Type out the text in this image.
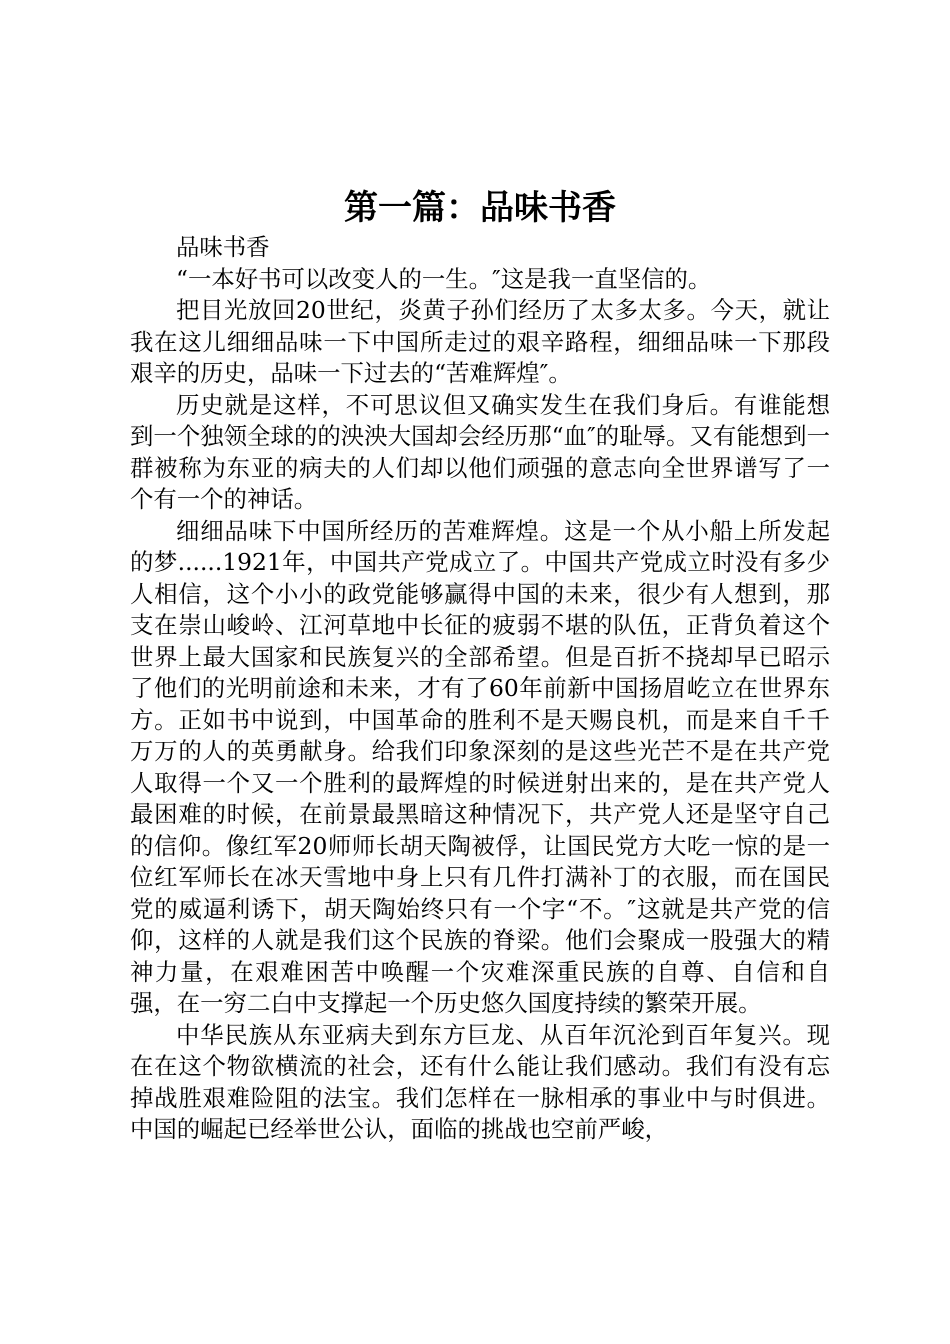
第一篇：品味书香

品味书香

“一本好书可以改变人的一生。″这是我一直坚信的。

把目光放回20世纪，炎黄子孙们经历了太多太多。今天，就让我在这儿细细品味一下中国所走过的艰辛路程，细细品味一下那段艰辛的历史，品味一下过去的“苦难辉煌″。

历史就是这样，不可思议但又确实发生在我们身后。有谁能想到一个独领全球的的泱泱大国却会经历那“血″的耻辱。又有能想到一群被称为东亚的病夫的人们却以他们顽强的意志向全世界谱写了一个有一个的神话。

细细品味下中国所经历的苦难辉煌。这是一个从小船上所发起的梦......1921年，中国共产党成立了。中国共产党成立时没有多少人相信，这个小小的政党能够赢得中国的未来，很少有人想到，那支在崇山峻岭、江河草地中长征的疲弱不堪的队伍，正背负着这个世界上最大国家和民族复兴的全部希望。但是百折不挠却早已昭示了他们的光明前途和未来，才有了60年前新中国扬眉屹立在世界东方。正如书中说到，中国革命的胜利不是天赐良机，而是来自千千万万的人的英勇献身。给我们印象深刻的是这些光芒不是在共产党人取得一个又一个胜利的最辉煌的时候迸射出来的，是在共产党人最困难的时候，在前景最黑暗这种情况下，共产党人还是坚守自己的信仰。像红军20师师长胡天陶被俘，让国民党方大吃一惊的是一位红军师长在冰天雪地中身上只有几件打满补丁的衣服，而在国民党的威逼利诱下，胡天陶始终只有一个字“不。″这就是共产党的信仰，这样的人就是我们这个民族的脊梁。他们会聚成一股强大的精神力量，在艰难困苦中唤醒一个灾难深重民族的自尊、自信和自强，在一穷二白中支撑起一个历史悠久国度持续的繁荣开展。

中华民族从东亚病夫到东方巨龙、从百年沉沦到百年复兴。现在在这个物欲横流的社会，还有什么能让我们感动。我们有没有忘掉战胜艰难险阻的法宝。我们怎样在一脉相承的事业中与时俱进。中国的崛起已经举世公认，面临的挑战也空前严峻，
